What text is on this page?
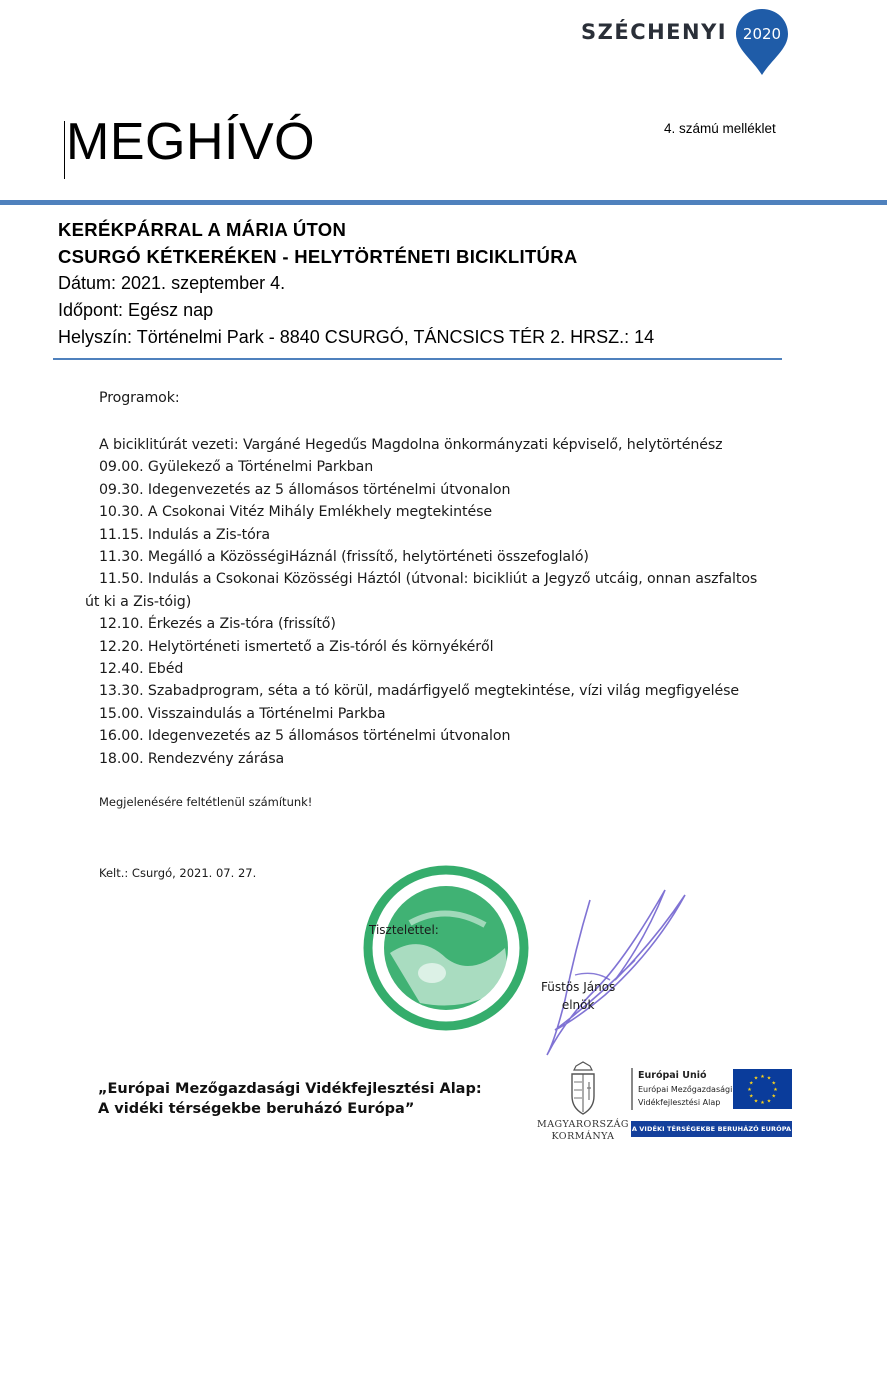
SZÉCHENYI 2020
4. számú melléklet
MEGHÍVÓ
KERÉKPÁRRAL A MÁRIA ÚTON
CSURGÓ KÉTKERÉKEN - HELYTÖRTÉNETI BICIKLITÚRA
Dátum: 2021. szeptember 4.
Időpont: Egész nap
Helyszín: Történelmi Park - 8840 CSURGÓ, TÁNCSICS TÉR 2. HRSZ.: 14
Programok:
A biciklitúrát vezeti: Vargáné Hegedűs Magdolna önkormányzati képviselő, helytörténész
09.00. Gyülekező a Történelmi Parkban
09.30. Idegenvezetés az 5 állomásos történelmi útvonalon
10.30. A Csokonai Vitéz Mihály Emlékhely megtekintése
11.15. Indulás a Zis-tóra
11.30. Megálló a KözösségiHáznál (frissítő, helytörténeti összefoglaló)
11.50. Indulás a Csokonai Közösségi Háztól (útvonal: bicikliút a Jegyző utcáig, onnan aszfaltos
út ki a Zis-tóig)
12.10. Érkezés a Zis-tóra (frissítő)
12.20. Helytörténeti ismertető a Zis-tóról és környékéről
12.40. Ebéd
13.30. Szabadprogram, séta a tó körül, madárfigyelő megtekintése, vízi világ megfigyelése
15.00. Visszaindulás a Történelmi Parkba
16.00. Idegenvezetés az 5 állomásos történelmi útvonalon
18.00. Rendezvény zárása
Megjelenésére feltétlenül számítunk!
Kelt.: Csurgó, 2021. 07. 27.
Tisztelettel:
Füstös János
elnök
„Európai Mezőgazdasági Vidékfejlesztési Alap:
A vidéki térségekbe beruházó Európa”
MAGYARORSZÁG
KORMÁNYA
Európai Unió
Európai Mezőgazdasági
Vidékfejlesztési Alap
★ ★
★
★
★
★
★
★
★
★
★
★
A VIDÉKI TÉRSÉGEKBE BERUHÁZÓ EURÓPA
